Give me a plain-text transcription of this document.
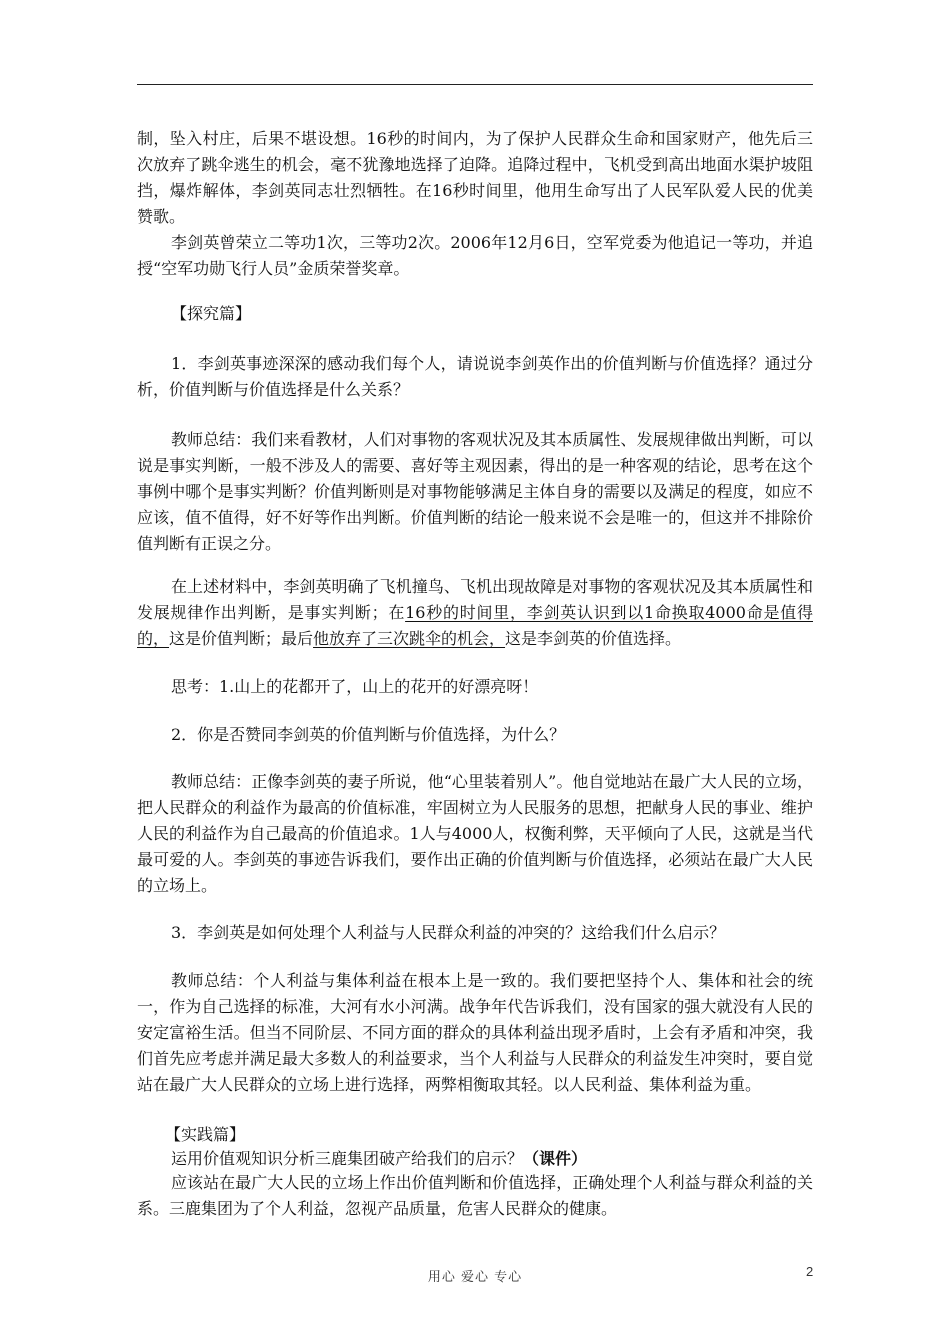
制，坠入村庄，后果不堪设想。16秒的时间内，为了保护人民群众生命和国家财产，他先后三次放弃了跳伞逃生的机会，毫不犹豫地选择了迫降。追降过程中，飞机受到高出地面水渠护坡阻挡，爆炸解体，李剑英同志壮烈牺牲。在16秒时间里，他用生命写出了人民军队爱人民的优美赞歌。

李剑英曾荣立二等功1次，三等功2次。2006年12月6日，空军党委为他追记一等功，并追授“空军功勋飞行人员”金质荣誉奖章。

【探究篇】

1．李剑英事迹深深的感动我们每个人，请说说李剑英作出的价值判断与价值选择？通过分析，价值判断与价值选择是什么关系？

教师总结：我们来看教材，人们对事物的客观状况及其本质属性、发展规律做出判断，可以说是事实判断，一般不涉及人的需要、喜好等主观因素，得出的是一种客观的结论，思考在这个事例中哪个是事实判断？价值判断则是对事物能够满足主体自身的需要以及满足的程度，如应不应该，值不值得，好不好等作出判断。价值判断的结论一般来说不会是唯一的，但这并不排除价值判断有正误之分。

在上述材料中，李剑英明确了飞机撞鸟、飞机出现故障是对事物的客观状况及其本质属性和发展规律作出判断，是事实判断；在16秒的时间里，李剑英认识到以1命换取4000命是值得的，这是价值判断；最后他放弃了三次跳伞的机会，这是李剑英的价值选择。

思考：1.山上的花都开了，山上的花开的好漂亮呀！

2．你是否赞同李剑英的价值判断与价值选择，为什么？

教师总结：正像李剑英的妻子所说，他“心里装着别人”。他自觉地站在最广大人民的立场，把人民群众的利益作为最高的价值标准，牢固树立为人民服务的思想，把献身人民的事业、维护人民的利益作为自己最高的价值追求。1人与4000人，权衡利弊，天平倾向了人民，这就是当代最可爱的人。李剑英的事迹告诉我们，要作出正确的价值判断与价值选择，必须站在最广大人民的立场上。

3．李剑英是如何处理个人利益与人民群众利益的冲突的？这给我们什么启示？

教师总结：个人利益与集体利益在根本上是一致的。我们要把坚持个人、集体和社会的统一，作为自己选择的标准，大河有水小河满。战争年代告诉我们，没有国家的强大就没有人民的安定富裕生活。但当不同阶层、不同方面的群众的具体利益出现矛盾时，上会有矛盾和冲突，我们首先应考虑并满足最大多数人的利益要求，当个人利益与人民群众的利益发生冲突时，要自觉站在最广大人民群众的立场上进行选择，两弊相衡取其轻。以人民利益、集体利益为重。

【实践篇】

运用价值观知识分析三鹿集团破产给我们的启示？（课件）

应该站在最广大人民的立场上作出价值判断和价值选择，正确处理个人利益与群众利益的关系。三鹿集团为了个人利益，忽视产品质量，危害人民群众的健康。

用心 爱心 专心	2
